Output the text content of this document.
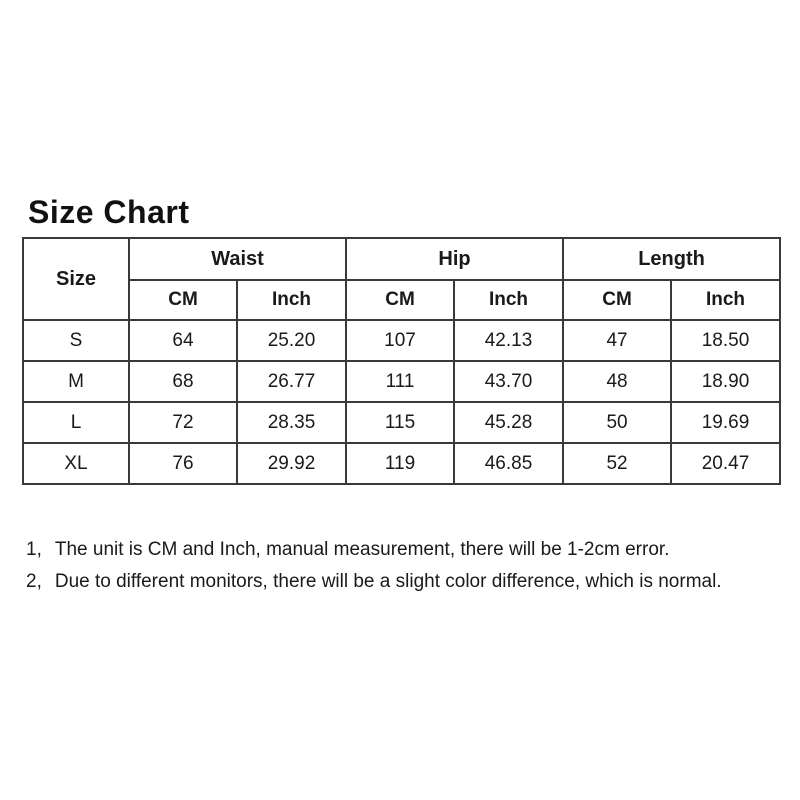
Size Chart
Size	Waist		Hip		Length	
	CM	Inch	CM	Inch	CM	Inch
S	64	25.20	107	42.13	47	18.50
M	68	26.77	111	43.70	48	18.90
L	72	28.35	115	45.28	50	19.69
XL	76	29.92	119	46.85	52	20.47
1, The unit is CM and Inch, manual measurement, there will be 1-2cm error.
2, Due to different monitors, there will be a slight color difference, which is normal.
